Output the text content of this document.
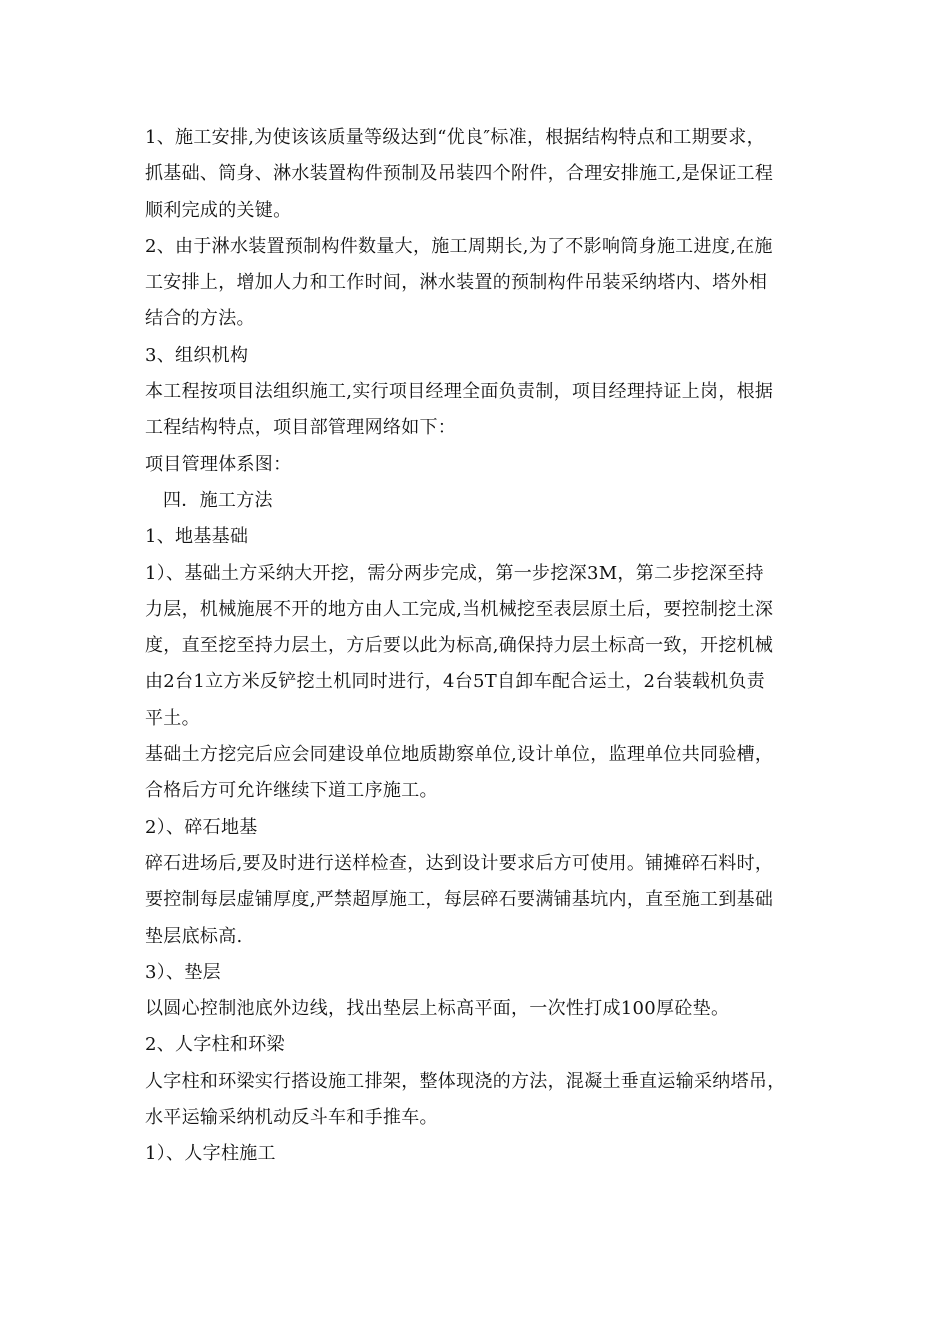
1、施工安排,为使该该质量等级达到“优良″标准，根据结构特点和工期要求，
抓基础、筒身、淋水装置构件预制及吊装四个附件，合理安排施工,是保证工程
顺利完成的关键。
2、由于淋水装置预制构件数量大，施工周期长,为了不影响筒身施工进度,在施
工安排上，增加人力和工作时间，淋水装置的预制构件吊装采纳塔内、塔外相
结合的方法。
3、组织机构
本工程按项目法组织施工,实行项目经理全面负责制，项目经理持证上岗，根据
工程结构特点，项目部管理网络如下：
项目管理体系图：
四．施工方法
1、地基基础
1）、基础土方采纳大开挖，需分两步完成，第一步挖深3M，第二步挖深至持
力层，机械施展不开的地方由人工完成,当机械挖至表层原土后，要控制挖土深
度，直至挖至持力层土，方后要以此为标高,确保持力层土标高一致，开挖机械
由2台1立方米反铲挖土机同时进行，4台5T自卸车配合运土，2台装载机负责
平土。
基础土方挖完后应会同建设单位地质勘察单位,设计单位，监理单位共同验槽，
合格后方可允许继续下道工序施工。
2）、碎石地基
碎石进场后,要及时进行送样检查，达到设计要求后方可使用。铺摊碎石料时，
要控制每层虚铺厚度,严禁超厚施工，每层碎石要满铺基坑内，直至施工到基础
垫层底标高.
3）、垫层
以圆心控制池底外边线，找出垫层上标高平面，一次性打成100厚砼垫。
2、人字柱和环梁
人字柱和环梁实行搭设施工排架，整体现浇的方法，混凝土垂直运输采纳塔吊，
水平运输采纳机动反斗车和手推车。
1）、人字柱施工
